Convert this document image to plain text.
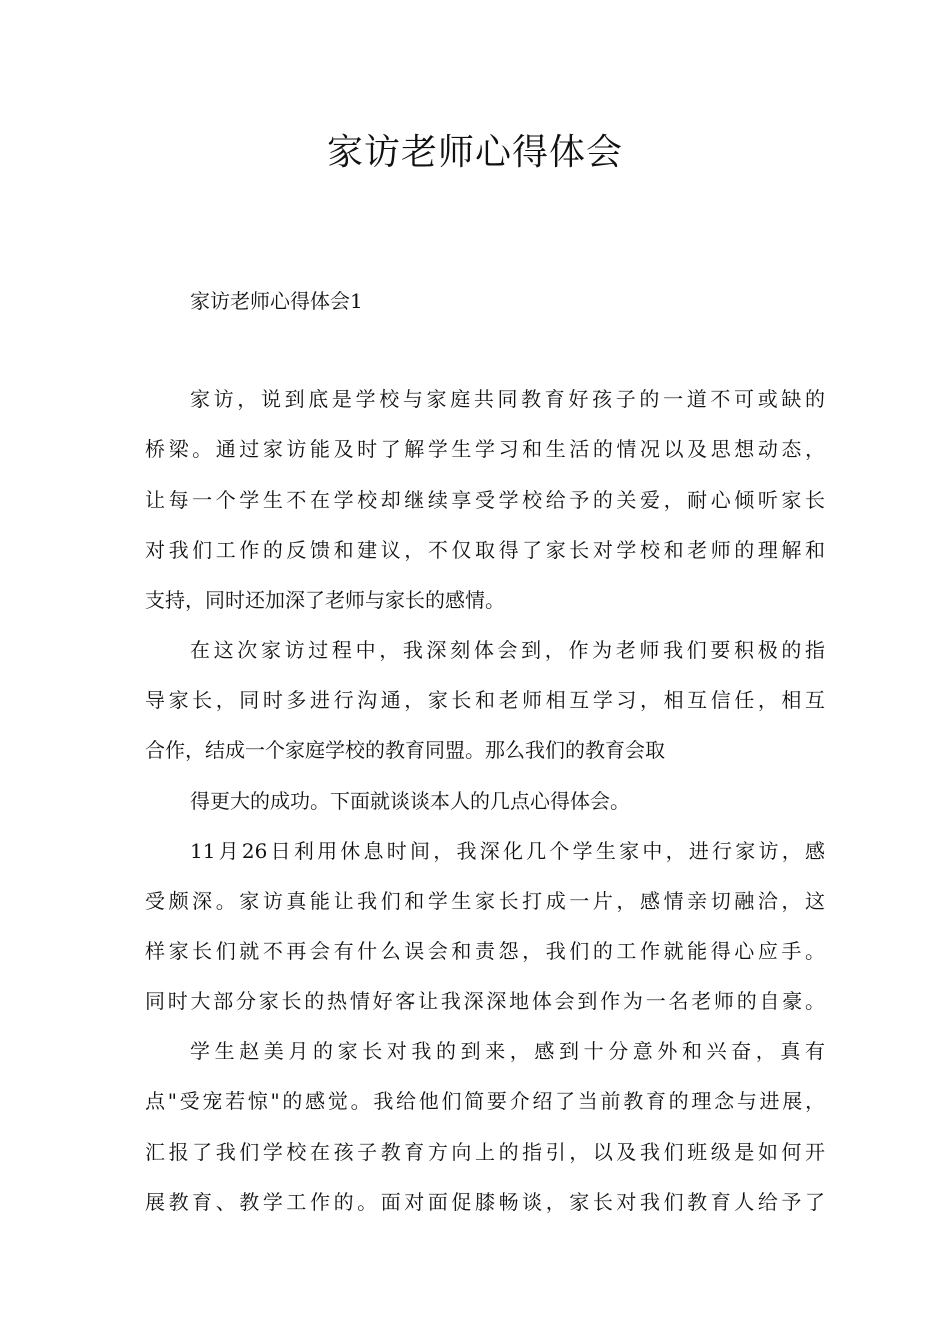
家访老师心得体会
家访老师心得体会1
家访，说到底是学校与家庭共同教育好孩子的一道不可或缺的
桥梁。通过家访能及时了解学生学习和生活的情况以及思想动态，
让每一个学生不在学校却继续享受学校给予的关爱，耐心倾听家长
对我们工作的反馈和建议，不仅取得了家长对学校和老师的理解和
支持，同时还加深了老师与家长的感情。
在这次家访过程中，我深刻体会到，作为老师我们要积极的指
导家长，同时多进行沟通，家长和老师相互学习，相互信任，相互
合作，结成一个家庭学校的教育同盟。那么我们的教育会取
得更大的成功。下面就谈谈本人的几点心得体会。
11月26日利用休息时间，我深化几个学生家中，进行家访，感
受颇深。家访真能让我们和学生家长打成一片，感情亲切融洽，这
样家长们就不再会有什么误会和责怨，我们的工作就能得心应手。
同时大部分家长的热情好客让我深深地体会到作为一名老师的自豪。
学生赵美月的家长对我的到来，感到十分意外和兴奋，真有
点"受宠若惊"的感觉。我给他们简要介绍了当前教育的理念与进展，
汇报了我们学校在孩子教育方向上的指引，以及我们班级是如何开
展教育、教学工作的。面对面促膝畅谈，家长对我们教育人给予了
